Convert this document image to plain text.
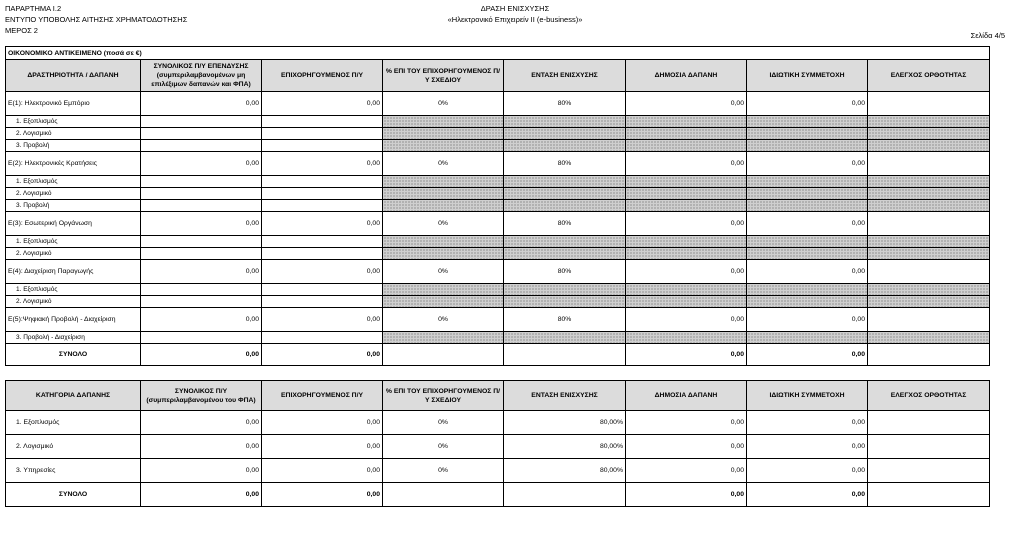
ΠΑΡΑΡΤΗΜΑ Ι.2
ΕΝΤΥΠΟ ΥΠΟΒΟΛΗΣ ΑΙΤΗΣΗΣ ΧΡΗΜΑΤΟΔΟΤΗΣΗΣ
ΜΕΡΟΣ 2
ΔΡΑΣΗ ΕΝΙΣΧΥΣΗΣ
«Ηλεκτρονικό Επιχειρείν ΙΙ (e-business)»
Σελίδα 4/5
ΟΙΚΟΝΟΜΙΚΟ ΑΝΤΙΚΕΙΜΕΝΟ (ποσά σε €)							
ΔΡΑΣΤΗΡΙΟΤΗΤΑ / ΔΑΠΑΝΗ	ΣΥΝΟΛΙΚΟΣ Π/Υ ΕΠΕΝΔΥΣΗΣ (συμπεριλαμβανομένων μη επιλέξιμων δαπανών και ΦΠΑ)	ΕΠΙΧΟΡΗΓΟΥΜΕΝΟΣ Π/Υ	% ΕΠΙ ΤΟΥ ΕΠΙΧΟΡΗΓΟΥΜΕΝΟΣ Π/Υ ΣΧΕΔΙΟΥ	ΕΝΤΑΣΗ ΕΝΙΣΧΥΣΗΣ	ΔΗΜΟΣΙΑ ΔΑΠΑΝΗ	ΙΔΙΩΤΙΚΗ ΣΥΜΜΕΤΟΧΗ	ΕΛΕΓΧΟΣ ΟΡΘΟΤΗΤΑΣ
Ε(1): Ηλεκτρονικό Εμπόριο	0,00	0,00	0%	80%	0,00	0,00	
1. Εξοπλισμός							
2. Λογισμικό							
3. Προβολή							
Ε(2): Ηλεκτρονικές Κρατήσεις	0,00	0,00	0%	80%	0,00	0,00	
1. Εξοπλισμός							
2. Λογισμικό							
3. Προβολή							
Ε(3): Εσωτερική Οργάνωση	0,00	0,00	0%	80%	0,00	0,00	
1. Εξοπλισμός							
2. Λογισμικό							
Ε(4): Διαχείριση Παραγωγής	0,00	0,00	0%	80%	0,00	0,00	
1. Εξοπλισμός							
2. Λογισμικό							
Ε(5):Ψηφιακή Προβολή - Διαχείριση	0,00	0,00	0%	80%	0,00	0,00	
3. Προβολή - Διαχείριση							
ΣΥΝΟΛΟ	0,00	0,00			0,00	0,00	
ΚΑΤΗΓΟΡΙΑ ΔΑΠΑΝΗΣ	ΣΥΝΟΛΙΚΟΣ Π/Υ (συμπεριλαμβανομένου του ΦΠΑ)	ΕΠΙΧΟΡΗΓΟΥΜΕΝΟΣ Π/Υ	% ΕΠΙ ΤΟΥ ΕΠΙΧΟΡΗΓΟΥΜΕΝΟΣ Π/Υ ΣΧΕΔΙΟΥ	ΕΝΤΑΣΗ ΕΝΙΣΧΥΣΗΣ	ΔΗΜΟΣΙΑ ΔΑΠΑΝΗ	ΙΔΙΩΤΙΚΗ ΣΥΜΜΕΤΟΧΗ	ΕΛΕΓΧΟΣ ΟΡΘΟΤΗΤΑΣ
1. Εξοπλισμός	0,00	0,00	0%	80,00%	0,00	0,00	
2. Λογισμικό	0,00	0,00	0%	80,00%	0,00	0,00	
3. Υπηρεσίες	0,00	0,00	0%	80,00%	0,00	0,00	
ΣΥΝΟΛΟ	0,00	0,00			0,00	0,00	
